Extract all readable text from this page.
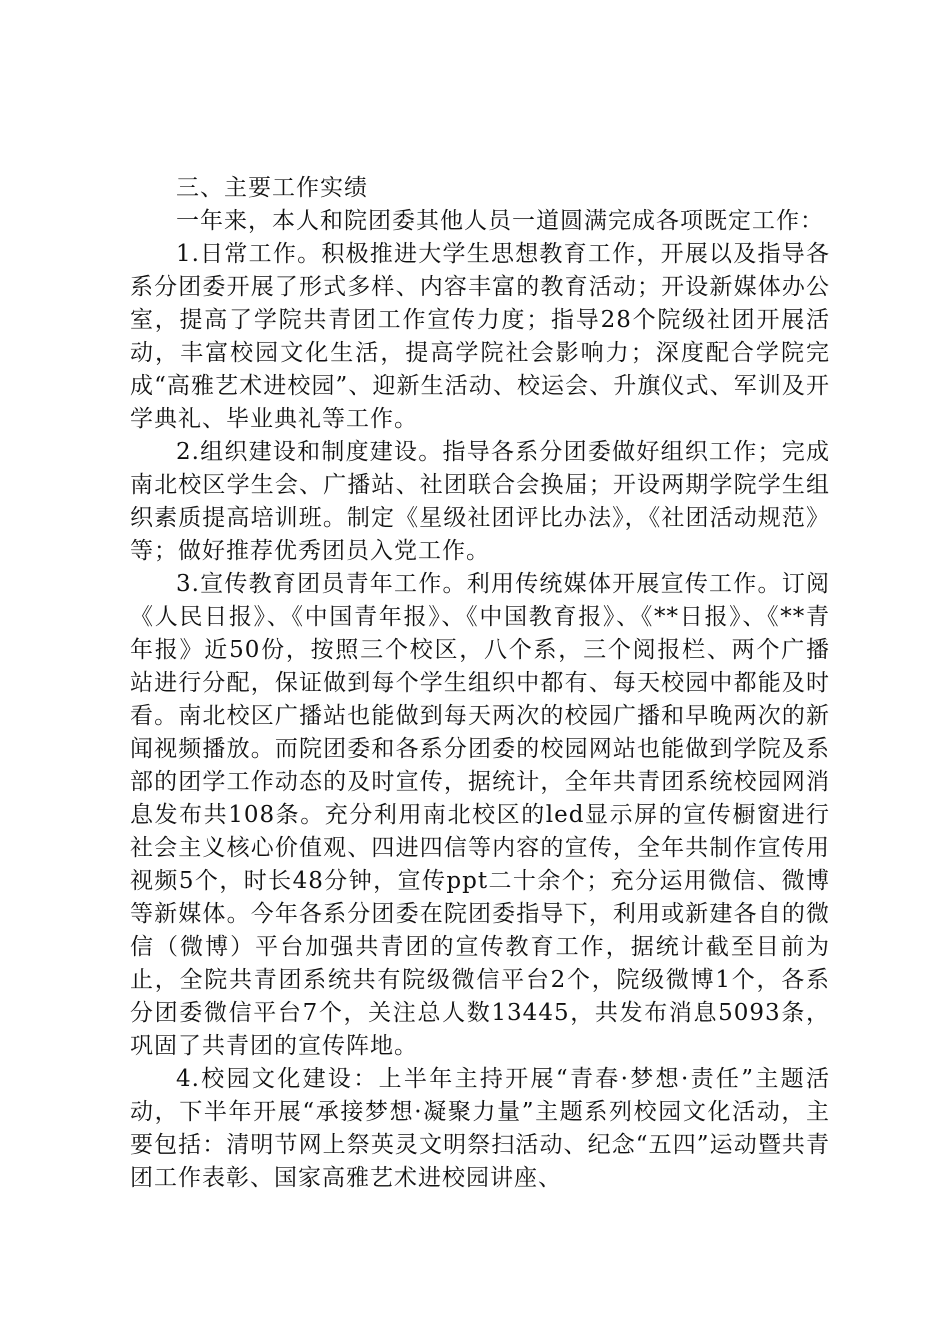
三、主要工作实绩

一年来，本人和院团委其他人员一道圆满完成各项既定工作：

1.日常工作。积极推进大学生思想教育工作，开展以及指导各系分团委开展了形式多样、内容丰富的教育活动；开设新媒体办公室，提高了学院共青团工作宣传力度；指导28个院级社团开展活动，丰富校园文化生活，提高学院社会影响力；深度配合学院完成“高雅艺术进校园”、迎新生活动、校运会、升旗仪式、军训及开学典礼、毕业典礼等工作。

2.组织建设和制度建设。指导各系分团委做好组织工作；完成南北校区学生会、广播站、社团联合会换届；开设两期学院学生组织素质提高培训班。制定《星级社团评比办法》，《社团活动规范》等；做好推荐优秀团员入党工作。

3.宣传教育团员青年工作。利用传统媒体开展宣传工作。订阅《人民日报》、《中国青年报》、《中国教育报》、《**日报》、《**青年报》近50份，按照三个校区，八个系，三个阅报栏、两个广播站进行分配，保证做到每个学生组织中都有、每天校园中都能及时看。南北校区广播站也能做到每天两次的校园广播和早晚两次的新闻视频播放。而院团委和各系分团委的校园网站也能做到学院及系部的团学工作动态的及时宣传，据统计，全年共青团系统校园网消息发布共108条。充分利用南北校区的led显示屏的宣传橱窗进行社会主义核心价值观、四进四信等内容的宣传，全年共制作宣传用视频5个，时长48分钟，宣传ppt二十余个；充分运用微信、微博等新媒体。今年各系分团委在院团委指导下，利用或新建各自的微信（微博）平台加强共青团的宣传教育工作，据统计截至目前为止，全院共青团系统共有院级微信平台2个，院级微博1个，各系分团委微信平台7个，关注总人数13445，共发布消息5093条，巩固了共青团的宣传阵地。

4.校园文化建设：上半年主持开展“青春·梦想·责任”主题活动，下半年开展“承接梦想·凝聚力量”主题系列校园文化活动，主要包括：清明节网上祭英灵文明祭扫活动、纪念“五四”运动暨共青团工作表彰、国家高雅艺术进校园讲座、
